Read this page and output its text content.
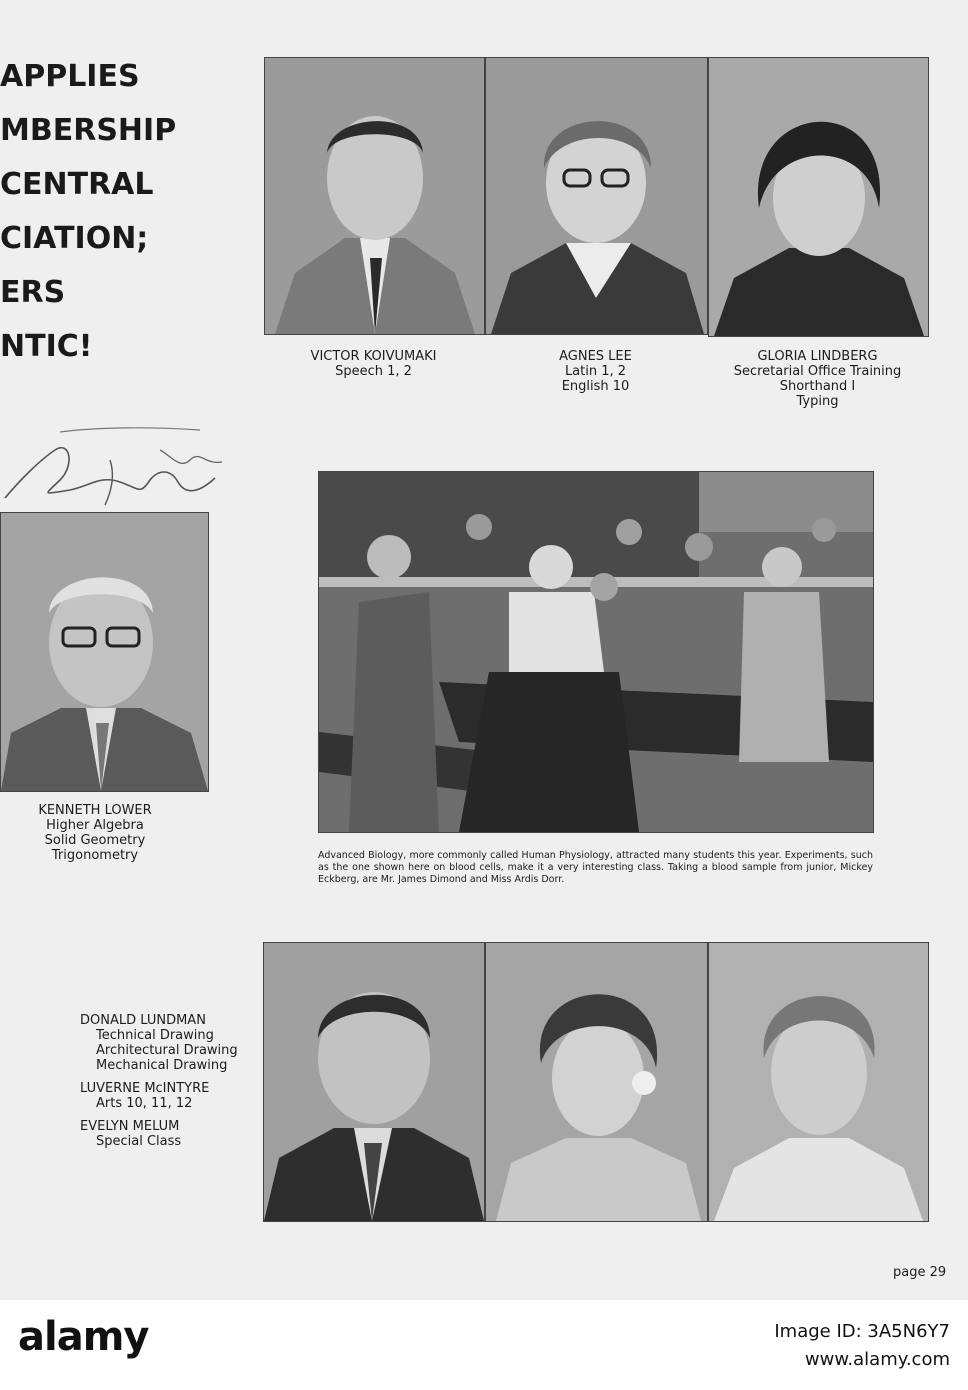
APPLIES
MBERSHIP
CENTRAL
CIATION;
ERS
NTIC!	VICTOR KOIVUMAKI
Speech 1, 2
AGNES LEE
Latin 1, 2
English 10
GLORIA LINDBERG
Secretarial Office Training
Shorthand I
Typing
KENNETH LOWER
Higher Algebra
Solid Geometry
Trigonometry	Advanced Biology, more commonly called Human Physiology, attracted many students this year. Experiments, such as the one shown here on blood cells, make it a very interesting class. Taking a blood sample from junior, Mickey Eckberg, are Mr. James Dimond and Miss Ardis Dorr.
DONALD LUNDMAN
Technical Drawing
Architectural Drawing
Mechanical Drawing
LUVERNE McINTYRE
Arts 10, 11, 12
EVELYN MELUM
Special Class
page 29
alamy	Image ID: 3A5N6Y7
www.alamy.com
